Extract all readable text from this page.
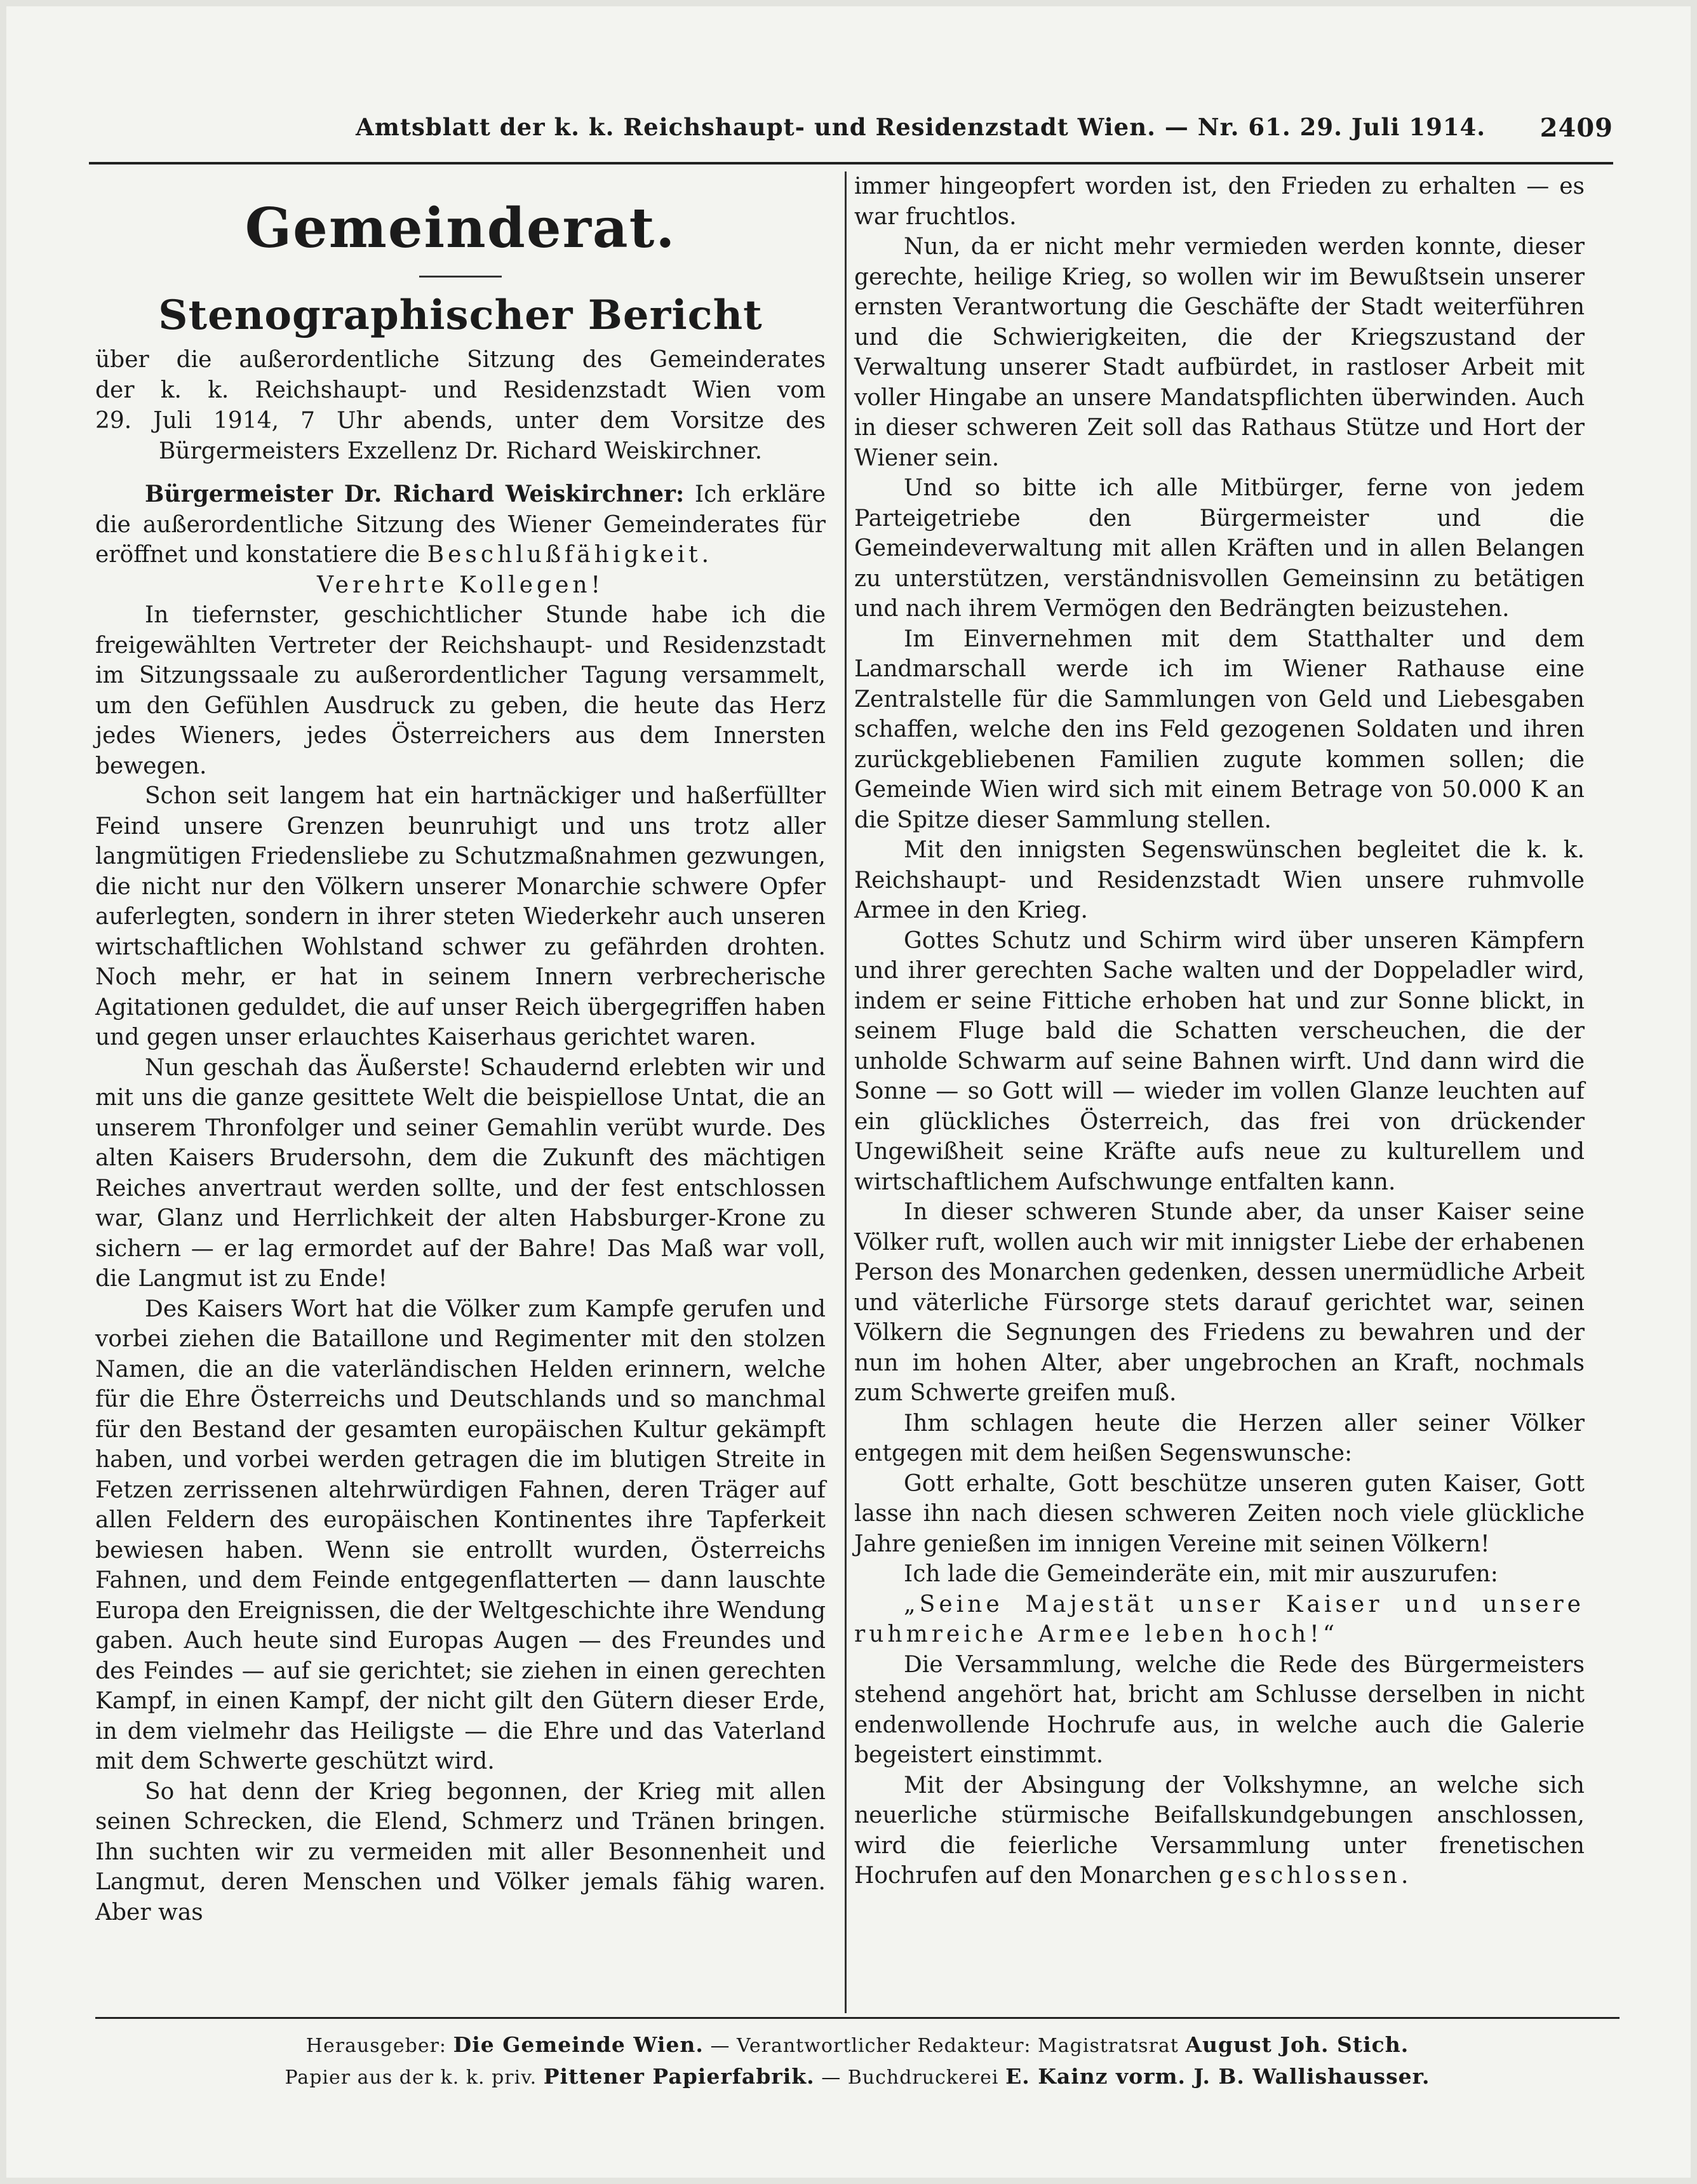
Amtsblatt der k. k. Reichshaupt- und Residenzstadt Wien. — Nr. 61. 29. Juli 1914. 2409
Gemeinderat.
Stenographischer Bericht
über die außerordentliche Sitzung des Gemeinderates
der k. k. Reichshaupt- und Residenzstadt Wien vom
29. Juli 1914, 7 Uhr abends, unter dem Vorsitze des
Bürgermeisters Exzellenz Dr. Richard Weiskirchner.

Bürgermeister Dr. Richard Weiskirchner: Ich erkläre die außerordentliche Sitzung des Wiener Gemeinderates für eröffnet und konstatiere die Beschlußfähigkeit.

Verehrte Kollegen!

In tiefernster, geschichtlicher Stunde habe ich die freigewählten Vertreter der Reichshaupt- und Residenzstadt im Sitzungssaale zu außerordentlicher Tagung versammelt, um den Gefühlen Ausdruck zu geben, die heute das Herz jedes Wieners, jedes Österreichers aus dem Innersten bewegen.

Schon seit langem hat ein hartnäckiger und haßerfüllter Feind unsere Grenzen beunruhigt und uns trotz aller langmütigen Friedensliebe zu Schutzmaßnahmen gezwungen, die nicht nur den Völkern unserer Monarchie schwere Opfer auferlegten, sondern in ihrer steten Wiederkehr auch unseren wirtschaftlichen Wohlstand schwer zu gefährden drohten. Noch mehr, er hat in seinem Innern verbrecherische Agitationen geduldet, die auf unser Reich übergegriffen haben und gegen unser erlauchtes Kaiserhaus gerichtet waren.

Nun geschah das Äußerste! Schaudernd erlebten wir und mit uns die ganze gesittete Welt die beispiellose Untat, die an unserem Thronfolger und seiner Gemahlin verübt wurde. Des alten Kaisers Brudersohn, dem die Zukunft des mächtigen Reiches anvertraut werden sollte, und der fest entschlossen war, Glanz und Herrlichkeit der alten Habsburger-Krone zu sichern — er lag ermordet auf der Bahre! Das Maß war voll, die Langmut ist zu Ende!

Des Kaisers Wort hat die Völker zum Kampfe gerufen und vorbei ziehen die Bataillone und Regimenter mit den stolzen Namen, die an die vaterländischen Helden erinnern, welche für die Ehre Österreichs und Deutschlands und so manchmal für den Bestand der gesamten europäischen Kultur gekämpft haben, und vorbei werden getragen die im blutigen Streite in Fetzen zerrissenen altehrwürdigen Fahnen, deren Träger auf allen Feldern des europäischen Kontinentes ihre Tapferkeit bewiesen haben. Wenn sie entrollt wurden, Österreichs Fahnen, und dem Feinde entgegenflatterten — dann lauschte Europa den Ereignissen, die der Weltgeschichte ihre Wendung gaben. Auch heute sind Europas Augen — des Freundes und des Feindes — auf sie gerichtet; sie ziehen in einen gerechten Kampf, in einen Kampf, der nicht gilt den Gütern dieser Erde, in dem vielmehr das Heiligste — die Ehre und das Vaterland mit dem Schwerte geschützt wird.

So hat denn der Krieg begonnen, der Krieg mit allen seinen Schrecken, die Elend, Schmerz und Tränen bringen. Ihn suchten wir zu vermeiden mit aller Besonnenheit und Langmut, deren Menschen und Völker jemals fähig waren. Aber was

immer hingeopfert worden ist, den Frieden zu erhalten — es war fruchtlos.

Nun, da er nicht mehr vermieden werden konnte, dieser gerechte, heilige Krieg, so wollen wir im Bewußtsein unserer ernsten Verantwortung die Geschäfte der Stadt weiterführen und die Schwierigkeiten, die der Kriegszustand der Verwaltung unserer Stadt aufbürdet, in rastloser Arbeit mit voller Hingabe an unsere Mandatspflichten überwinden. Auch in dieser schweren Zeit soll das Rathaus Stütze und Hort der Wiener sein.

Und so bitte ich alle Mitbürger, ferne von jedem Parteigetriebe den Bürgermeister und die Gemeindeverwaltung mit allen Kräften und in allen Belangen zu unterstützen, verständnisvollen Gemeinsinn zu betätigen und nach ihrem Vermögen den Bedrängten beizustehen.

Im Einvernehmen mit dem Statthalter und dem Landmarschall werde ich im Wiener Rathause eine Zentralstelle für die Sammlungen von Geld und Liebesgaben schaffen, welche den ins Feld gezogenen Soldaten und ihren zurückgebliebenen Familien zugute kommen sollen; die Gemeinde Wien wird sich mit einem Betrage von 50.000 K an die Spitze dieser Sammlung stellen.

Mit den innigsten Segenswünschen begleitet die k. k. Reichshaupt- und Residenzstadt Wien unsere ruhmvolle Armee in den Krieg.

Gottes Schutz und Schirm wird über unseren Kämpfern und ihrer gerechten Sache walten und der Doppeladler wird, indem er seine Fittiche erhoben hat und zur Sonne blickt, in seinem Fluge bald die Schatten verscheuchen, die der unholde Schwarm auf seine Bahnen wirft. Und dann wird die Sonne — so Gott will — wieder im vollen Glanze leuchten auf ein glückliches Österreich, das frei von drückender Ungewißheit seine Kräfte aufs neue zu kulturellem und wirtschaftlichem Aufschwunge entfalten kann.

In dieser schweren Stunde aber, da unser Kaiser seine Völker ruft, wollen auch wir mit innigster Liebe der erhabenen Person des Monarchen gedenken, dessen unermüdliche Arbeit und väterliche Fürsorge stets darauf gerichtet war, seinen Völkern die Segnungen des Friedens zu bewahren und der nun im hohen Alter, aber ungebrochen an Kraft, nochmals zum Schwerte greifen muß.

Ihm schlagen heute die Herzen aller seiner Völker entgegen mit dem heißen Segenswunsche:

Gott erhalte, Gott beschütze unseren guten Kaiser, Gott lasse ihn nach diesen schweren Zeiten noch viele glückliche Jahre genießen im innigen Vereine mit seinen Völkern!

Ich lade die Gemeinderäte ein, mit mir auszurufen:

„Seine Majestät unser Kaiser und unsere ruhmreiche Armee leben hoch!“

Die Versammlung, welche die Rede des Bürgermeisters stehend angehört hat, bricht am Schlusse derselben in nicht endenwollende Hochrufe aus, in welche auch die Galerie begeistert einstimmt.

Mit der Absingung der Volkshymne, an welche sich neuerliche stürmische Beifallskundgebungen anschlossen, wird die feierliche Versammlung unter frenetischen Hochrufen auf den Monarchen geschlossen.

Herausgeber: Die Gemeinde Wien. — Verantwortlicher Redakteur: Magistratsrat August Joh. Stich.
Papier aus der k. k. priv. Pittener Papierfabrik. — Buchdruckerei E. Kainz vorm. J. B. Wallishausser.
